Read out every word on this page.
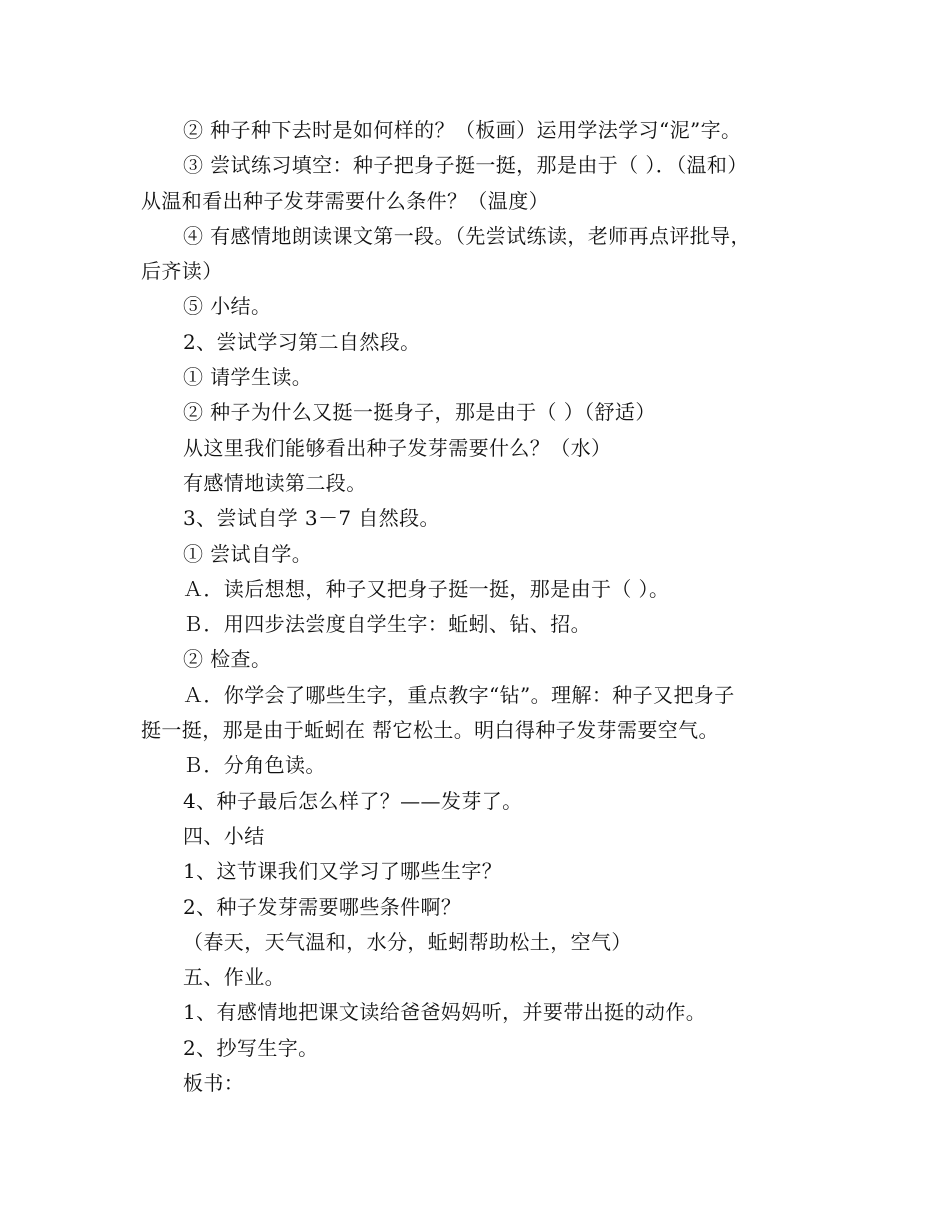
② 种子种下去时是如何样的？（板画）运用学法学习“泥”字。
③ 尝试练习填空：种子把身子挺一挺，那是由于（ ）．（温和）
从温和看出种子发芽需要什么条件？（温度）
④ 有感情地朗读课文第一段。（先尝试练读，老师再点评批导，
后齐读）
⑤ 小结。
2、尝试学习第二自然段。
① 请学生读。
② 种子为什么又挺一挺身子，那是由于（ ）（舒适）
从这里我们能够看出种子发芽需要什么？（水）
有感情地读第二段。
3、尝试自学 3－7 自然段。
① 尝试自学。
Ａ．读后想想，种子又把身子挺一挺，那是由于（ ）。
Ｂ．用四步法尝度自学生字：蚯蚓、钻、招。
② 检查。
Ａ．你学会了哪些生字，重点教字“钻”。理解：种子又把身子
挺一挺，那是由于蚯蚓在 帮它松土。明白得种子发芽需要空气。
Ｂ．分角色读。
4、种子最后怎么样了？——发芽了。
四、小结
1、这节课我们又学习了哪些生字？
2、种子发芽需要哪些条件啊？
（春天，天气温和，水分，蚯蚓帮助松土，空气）
五、作业。
1、有感情地把课文读给爸爸妈妈听，并要带出挺的动作。
2、抄写生字。
板书：
